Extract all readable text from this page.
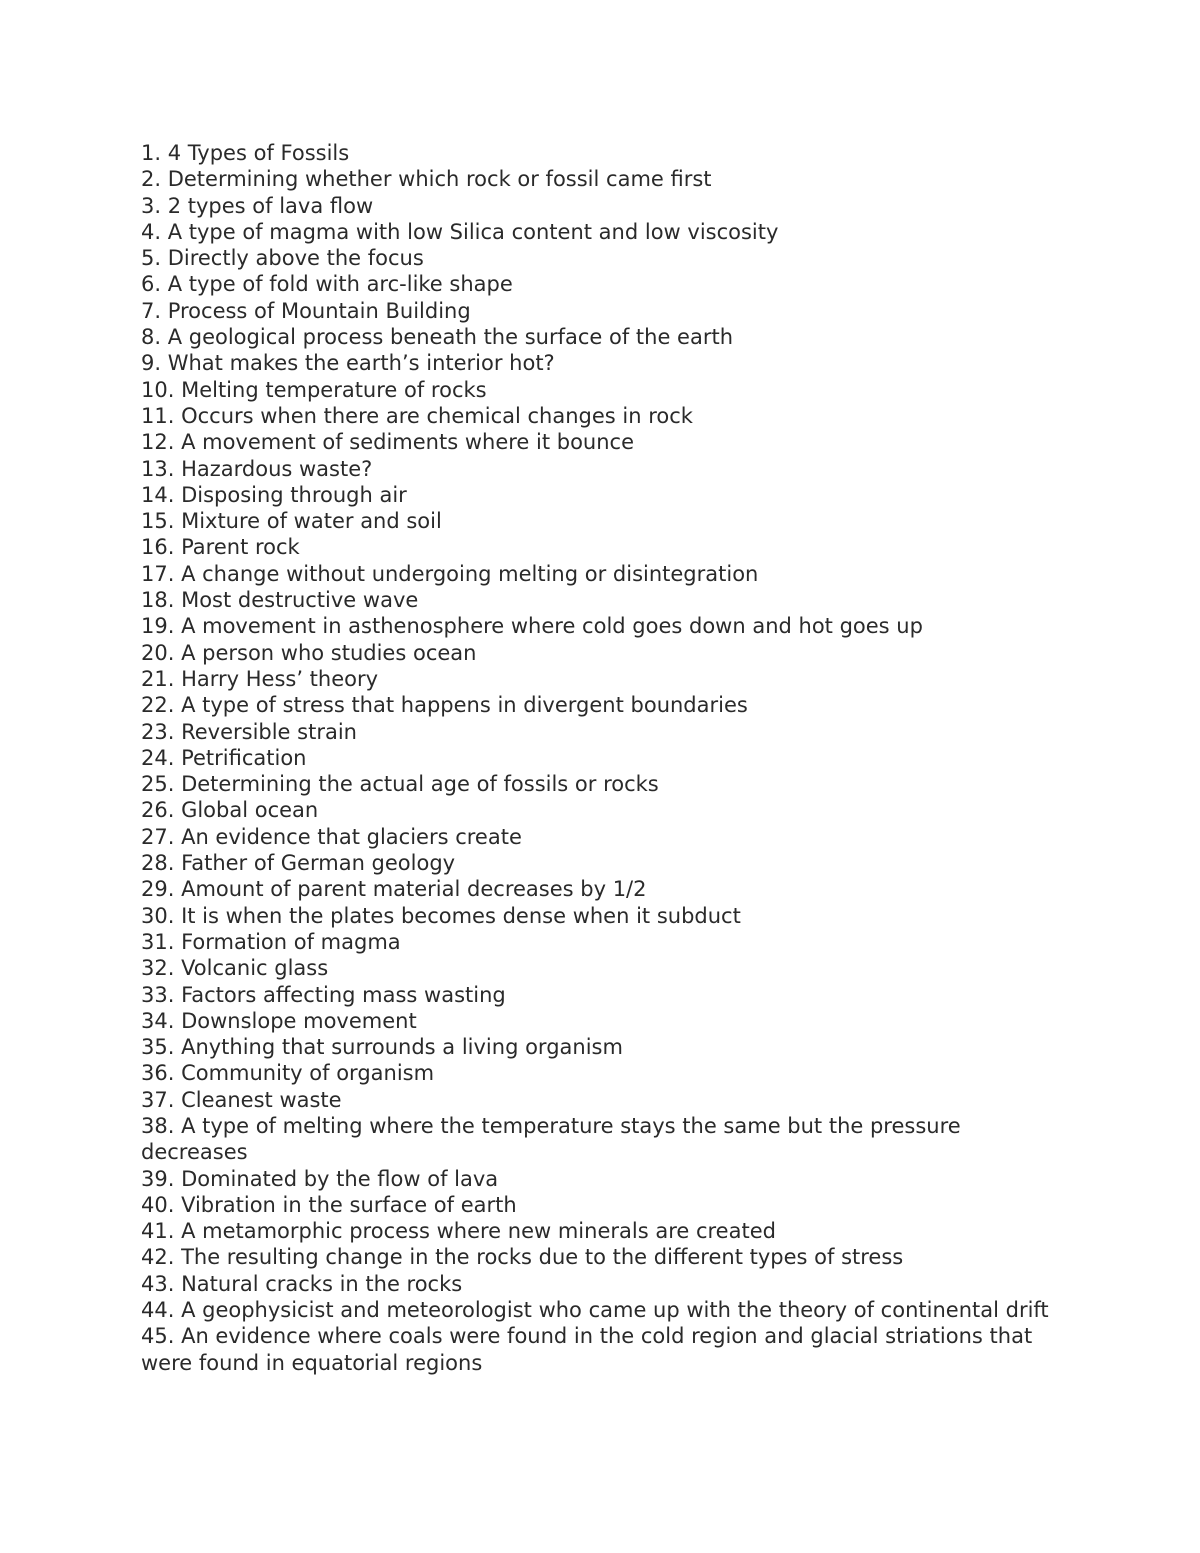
1. 4 Types of Fossils
2. Determining whether which rock or fossil came first
3. 2 types of lava flow
4. A type of magma with low Silica content and low viscosity
5. Directly above the focus
6. A type of fold with arc-like shape
7. Process of Mountain Building
8. A geological process beneath the surface of the earth
9. What makes the earth’s interior hot?
10. Melting temperature of rocks
11. Occurs when there are chemical changes in rock
12. A movement of sediments where it bounce
13. Hazardous waste?
14. Disposing through air
15. Mixture of water and soil
16. Parent rock
17. A change without undergoing melting or disintegration
18. Most destructive wave
19. A movement in asthenosphere where cold goes down and hot goes up
20. A person who studies ocean
21. Harry Hess’ theory
22. A type of stress that happens in divergent boundaries
23. Reversible strain
24. Petrification
25. Determining the actual age of fossils or rocks
26. Global ocean
27. An evidence that glaciers create
28. Father of German geology
29. Amount of parent material decreases by 1/2
30. It is when the plates becomes dense when it subduct
31. Formation of magma
32. Volcanic glass
33. Factors affecting mass wasting
34. Downslope movement
35. Anything that surrounds a living organism
36. Community of organism
37. Cleanest waste
38. A type of melting where the temperature stays the same but the pressure decreases
39. Dominated by the flow of lava
40. Vibration in the surface of earth
41. A metamorphic process where new minerals are created
42. The resulting change in the rocks due to the different types of stress
43. Natural cracks in the rocks
44. A geophysicist and meteorologist who came up with the theory of continental drift
45. An evidence where coals were found in the cold region and glacial striations that were found in equatorial regions
